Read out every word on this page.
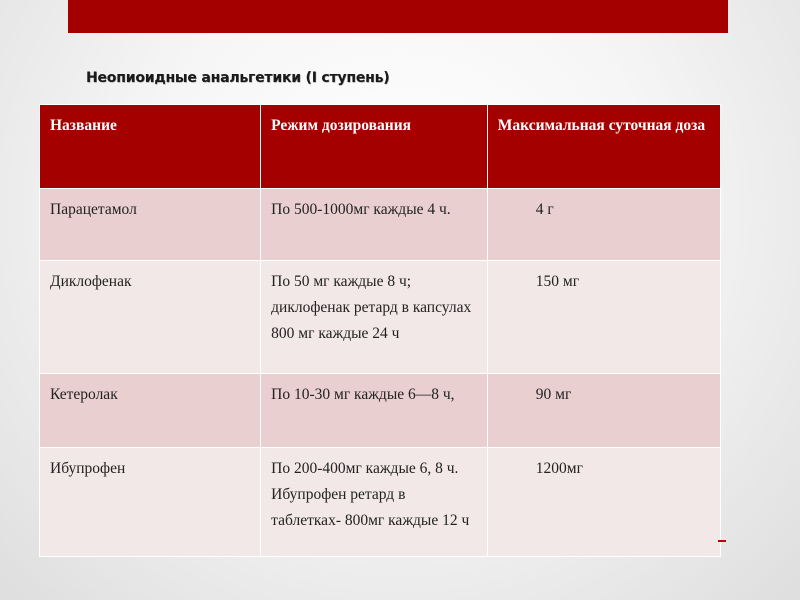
Неопиоидные анальгетики (I ступень)
Название	Режим дозирования	Максимальная суточная доза
Парацетамол	По 500-1000мг каждые 4 ч.	4 г
Диклофенак	По 50 мг каждые 8 ч; диклофенак ретард в капсулах 800 мг каждые 24 ч	150 мг
Кетеролак	По 10-30 мг каждые 6—8 ч,	90 мг
Ибупрофен	По 200-400мг каждые 6, 8 ч. Ибупрофен ретард в таблетках- 800мг каждые 12 ч	1200мг
